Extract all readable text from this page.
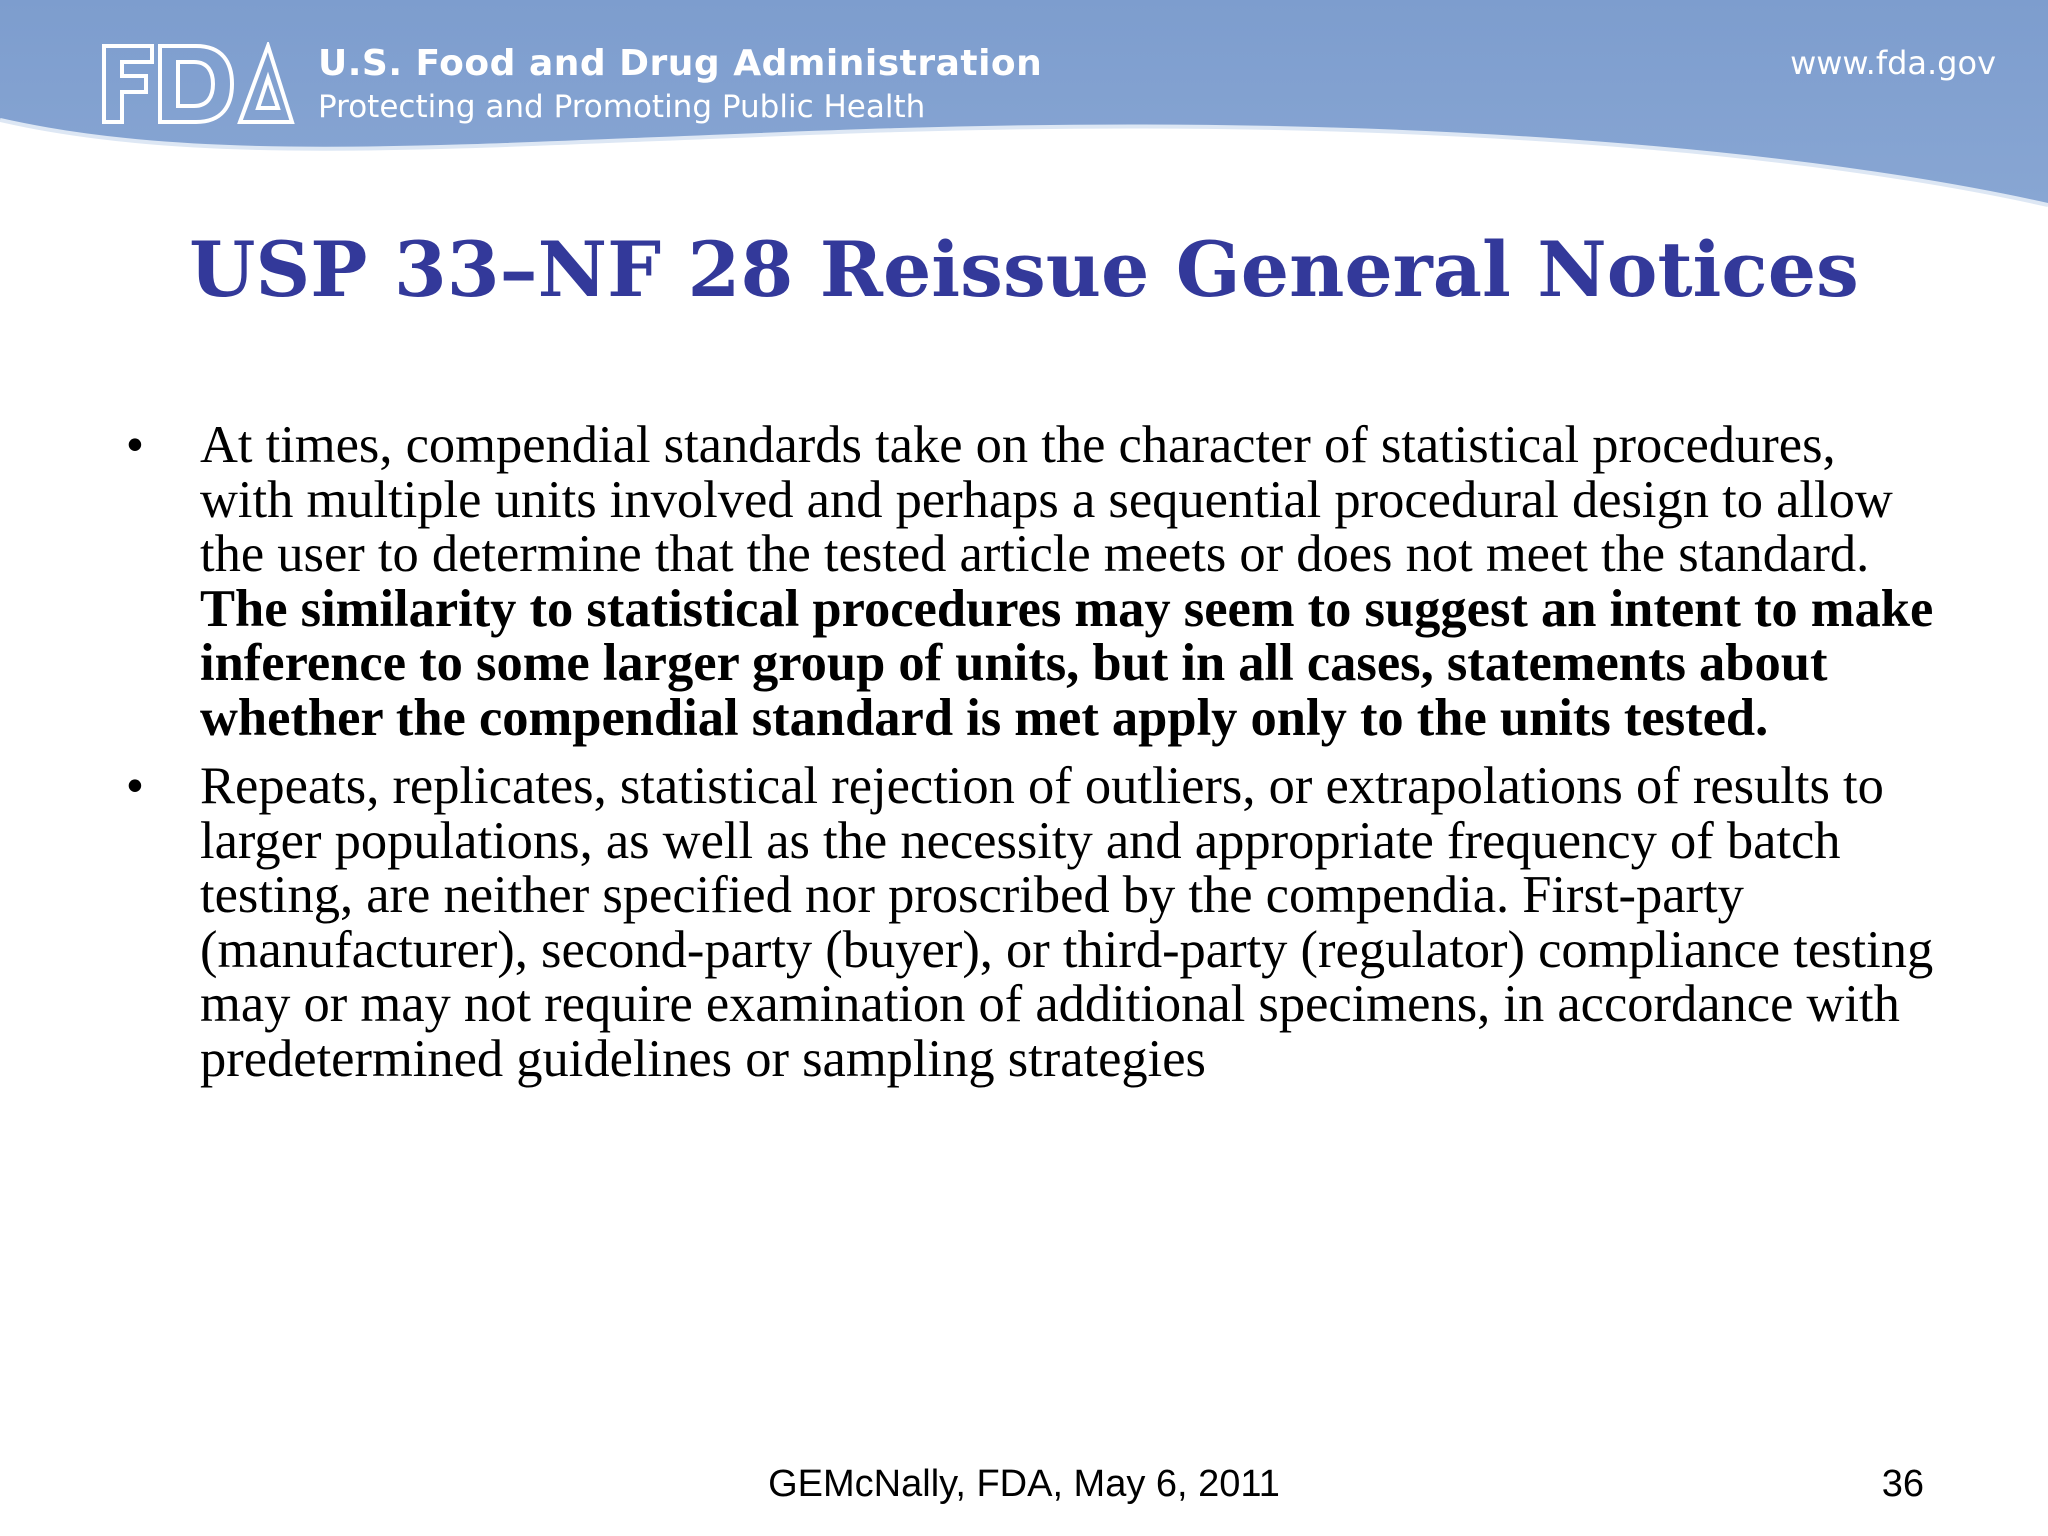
U.S. Food and Drug Administration
Protecting and Promoting Public Health
www.fda.gov
USP 33–NF 28 Reissue General Notices
• At times, compendial standards take on the character of statistical procedures, with multiple units involved and perhaps a sequential procedural design to allow the user to determine that the tested article meets or does not meet the standard. The similarity to statistical procedures may seem to suggest an intent to make inference to some larger group of units, but in all cases, statements about whether the compendial standard is met apply only to the units tested.
• Repeats, replicates, statistical rejection of outliers, or extrapolations of results to larger populations, as well as the necessity and appropriate frequency of batch testing, are neither specified nor proscribed by the compendia. First-party (manufacturer), second-party (buyer), or third-party (regulator) compliance testing may or may not require examination of additional specimens, in accordance with predetermined guidelines or sampling strategies
GEMcNally, FDA, May 6, 2011	36
